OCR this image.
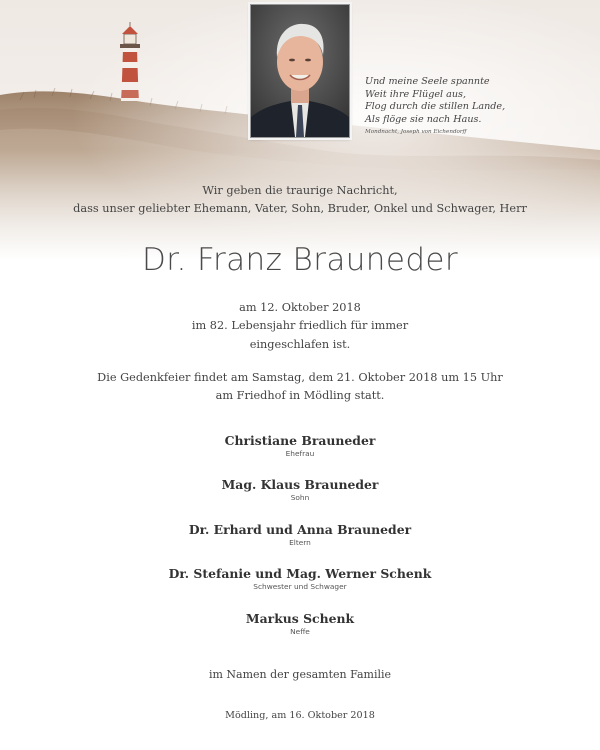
Und meine Seele spannte
Weit ihre Flügel aus,
Flog durch die stillen Lande,
Als flöge sie nach Haus.
Mondnacht, Joseph von Eichendorff
Wir geben die traurige Nachricht,
dass unser geliebter Ehemann, Vater, Sohn, Bruder, Onkel und Schwager, Herr
Dr. Franz Brauneder
am 12. Oktober 2018
im 82. Lebensjahr friedlich für immer
eingeschlafen ist.
Die Gedenkfeier findet am Samstag, dem 21. Oktober 2018 um 15 Uhr
am Friedhof in Mödling statt.
Christiane Brauneder
Ehefrau
Mag. Klaus Brauneder
Sohn
Dr. Erhard und Anna Brauneder
Eltern
Dr. Stefanie und Mag. Werner Schenk
Schwester und Schwager
Markus Schenk
Neffe
im Namen der gesamten Familie
Mödling, am 16. Oktober 2018
